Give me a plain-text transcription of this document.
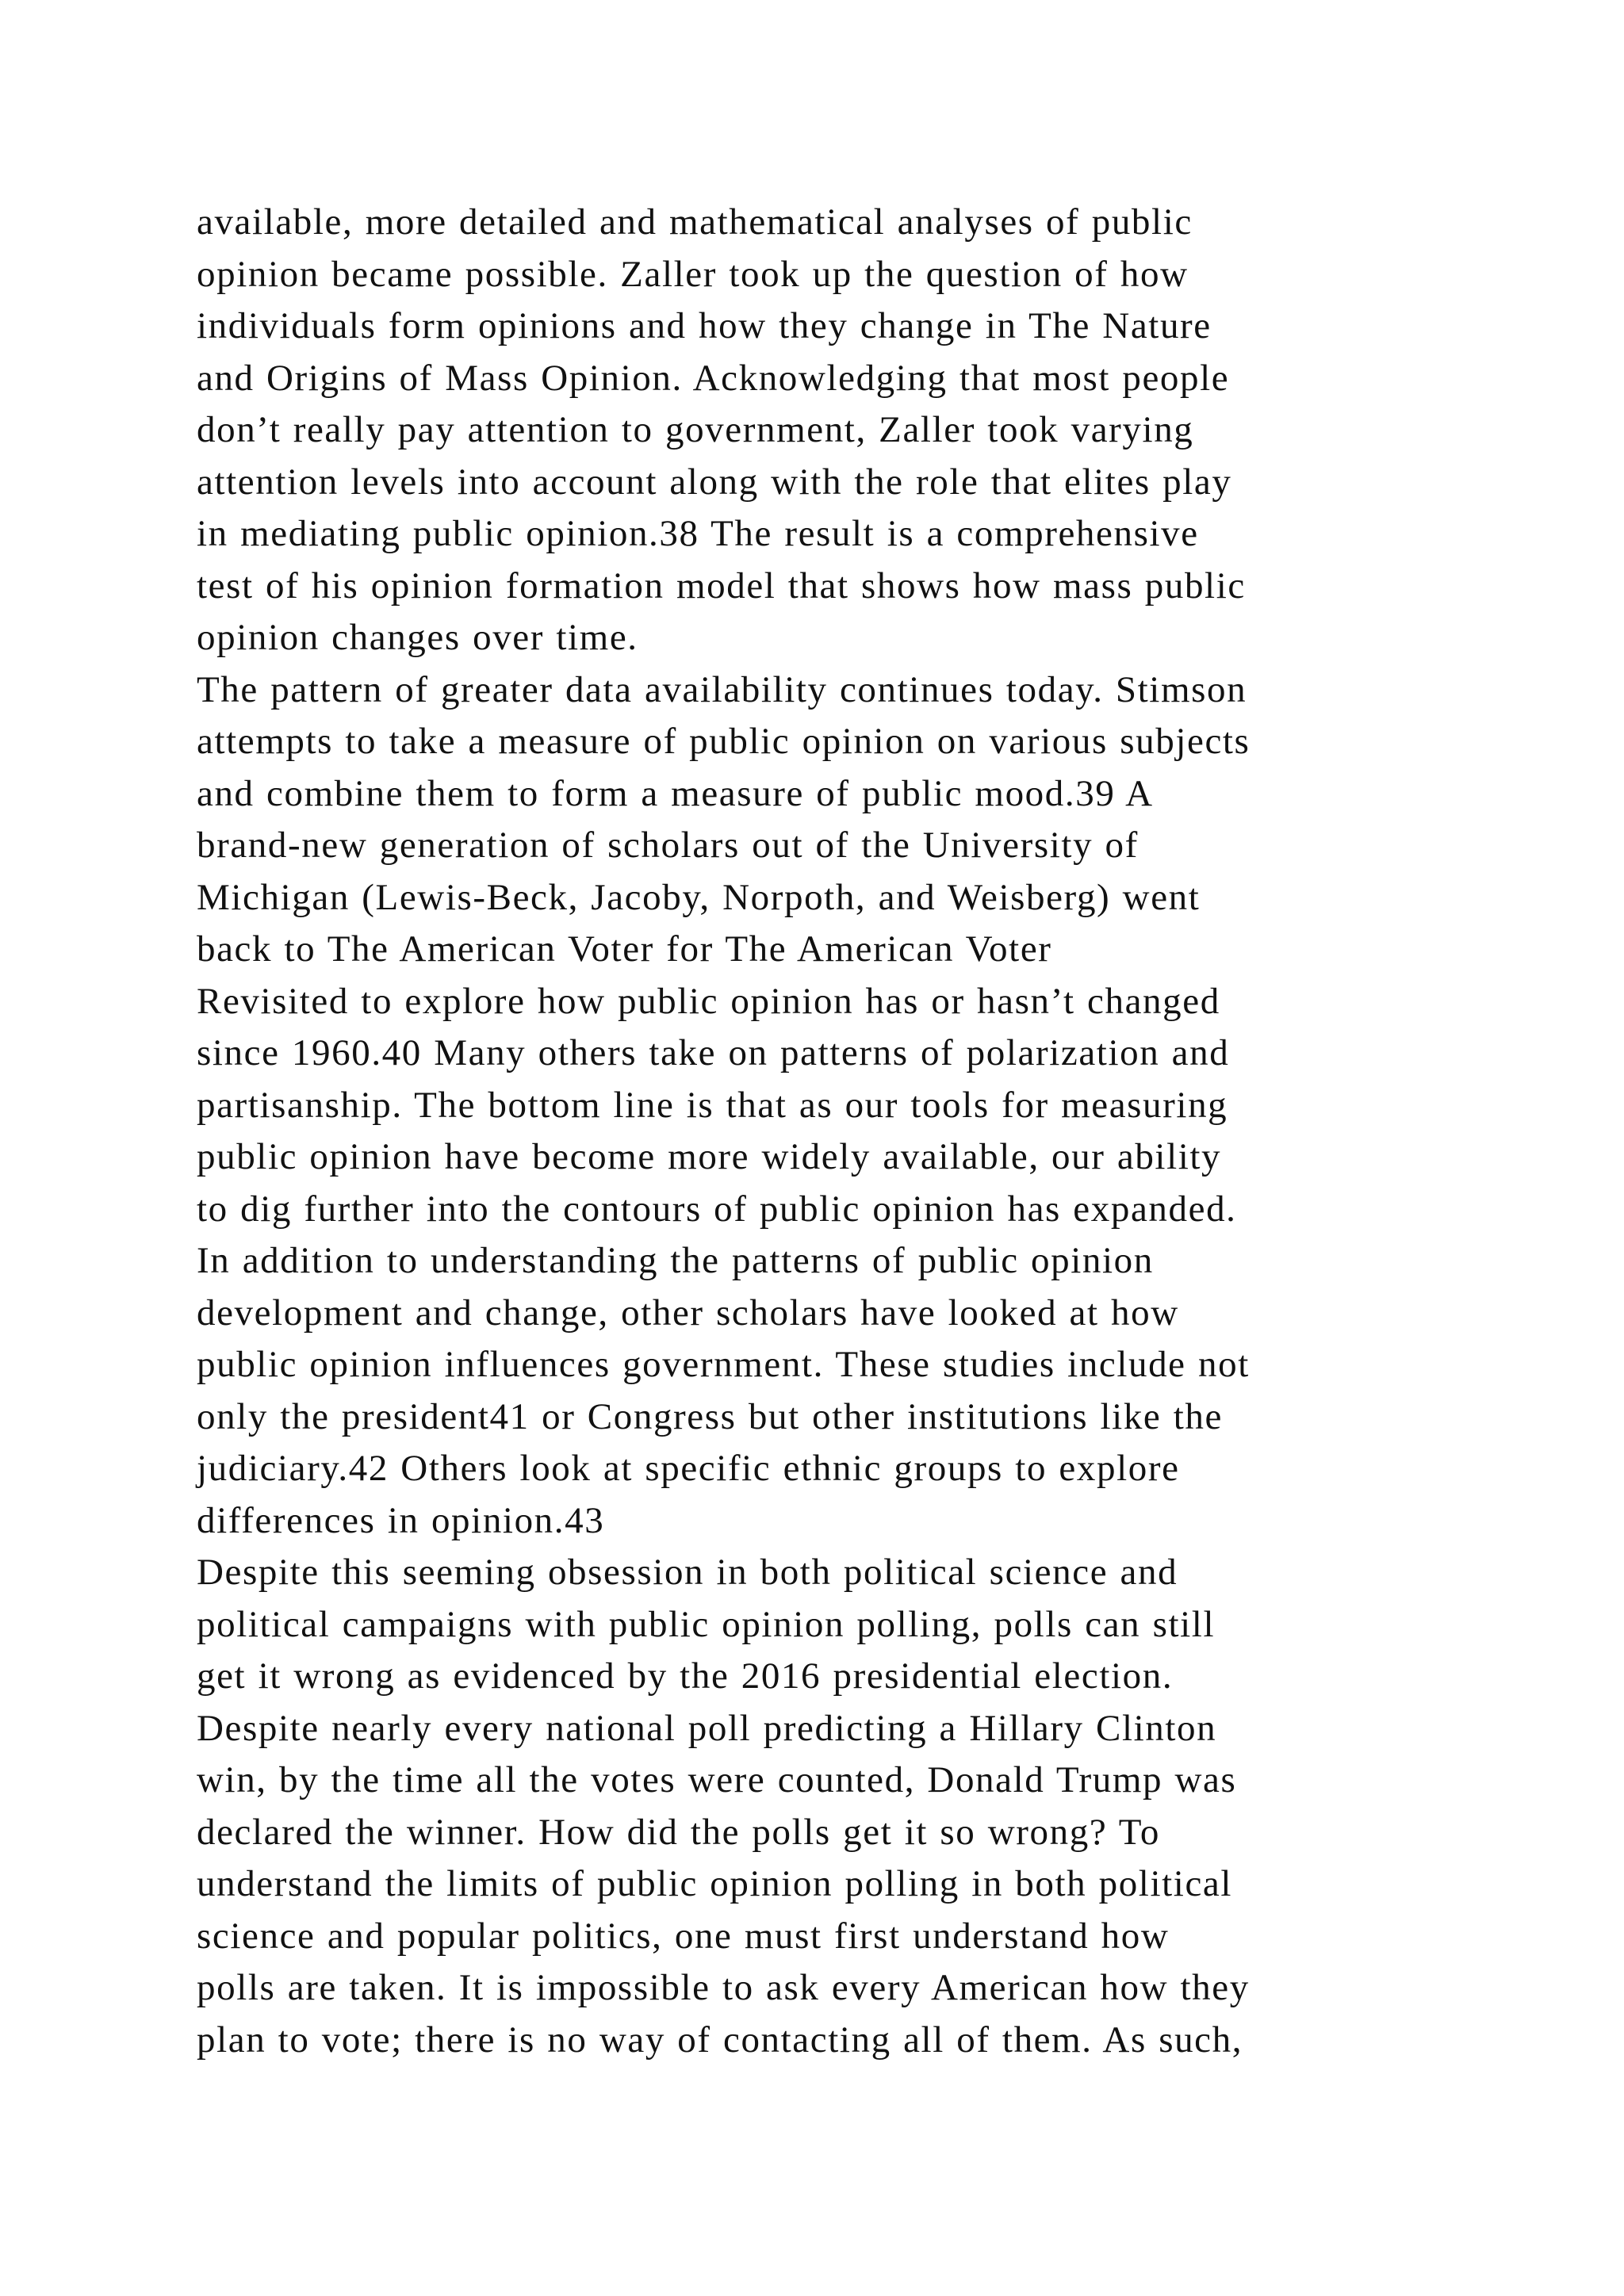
available, more detailed and mathematical analyses of public
opinion became possible. Zaller took up the question of how
individuals form opinions and how they change in The Nature
and Origins of Mass Opinion. Acknowledging that most people
don’t really pay attention to government, Zaller took varying
attention levels into account along with the role that elites play
in mediating public opinion.38 The result is a comprehensive
test of his opinion formation model that shows how mass public
opinion changes over time.
The pattern of greater data availability continues today. Stimson
attempts to take a measure of public opinion on various subjects
and combine them to form a measure of public mood.39 A
brand-new generation of scholars out of the University of
Michigan (Lewis-Beck, Jacoby, Norpoth, and Weisberg) went
back to The American Voter for The American Voter
Revisited to explore how public opinion has or hasn’t changed
since 1960.40 Many others take on patterns of polarization and
partisanship. The bottom line is that as our tools for measuring
public opinion have become more widely available, our ability
to dig further into the contours of public opinion has expanded.
In addition to understanding the patterns of public opinion
development and change, other scholars have looked at how
public opinion influences government. These studies include not
only the president41 or Congress but other institutions like the
judiciary.42 Others look at specific ethnic groups to explore
differences in opinion.43
Despite this seeming obsession in both political science and
political campaigns with public opinion polling, polls can still
get it wrong as evidenced by the 2016 presidential election.
Despite nearly every national poll predicting a Hillary Clinton
win, by the time all the votes were counted, Donald Trump was
declared the winner. How did the polls get it so wrong? To
understand the limits of public opinion polling in both political
science and popular politics, one must first understand how
polls are taken. It is impossible to ask every American how they
plan to vote; there is no way of contacting all of them. As such,
